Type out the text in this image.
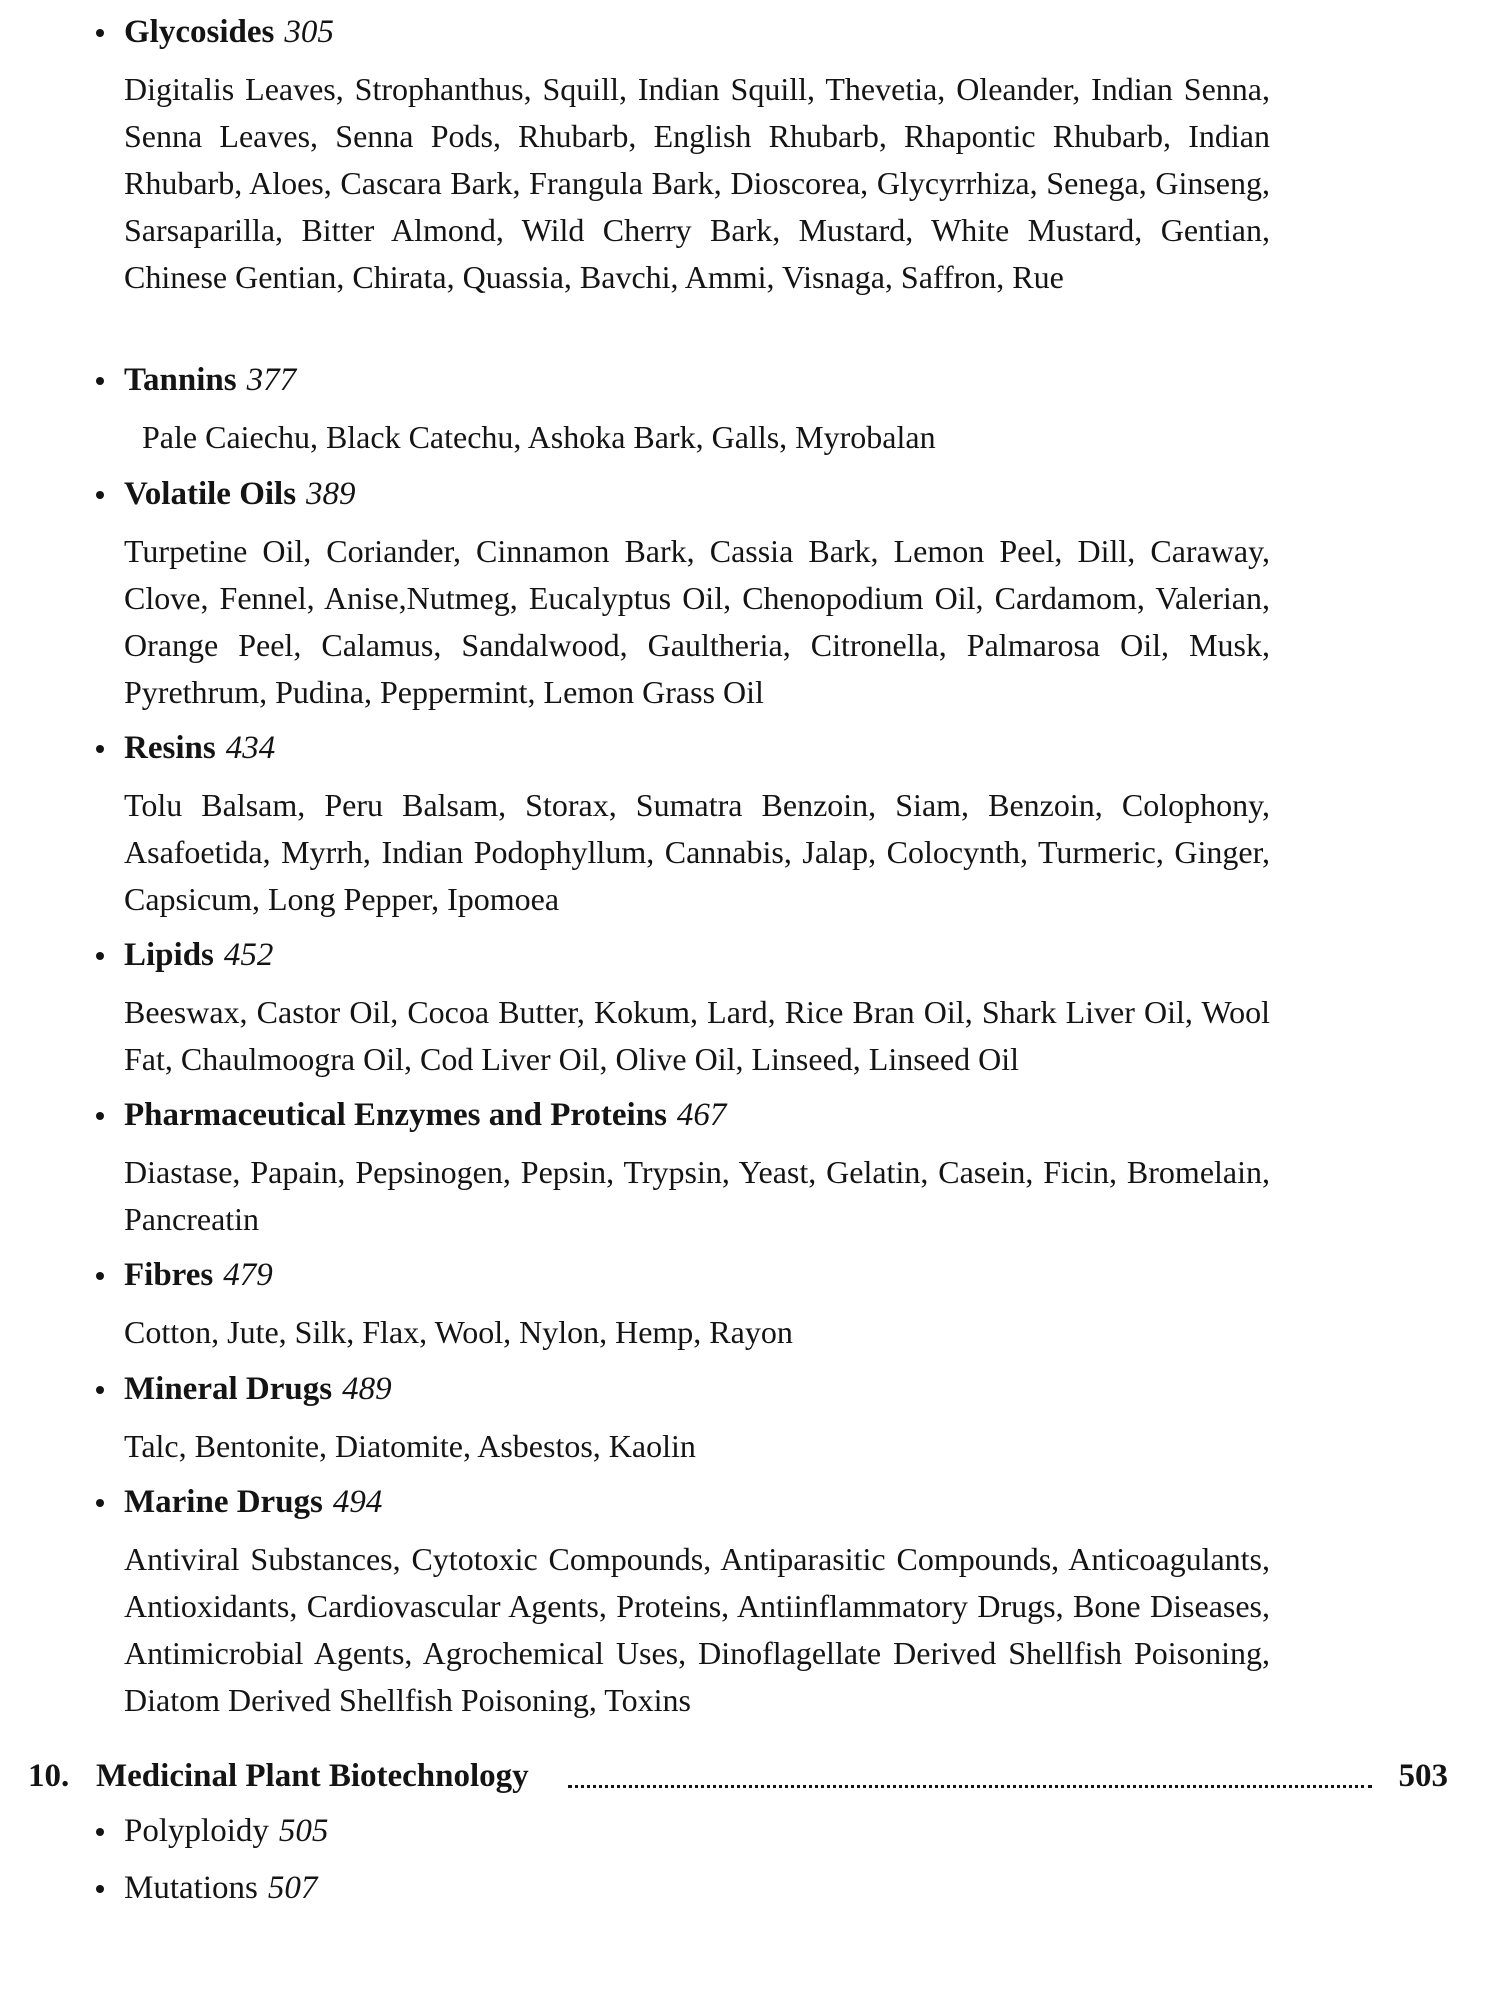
Glycosides 305
Digitalis Leaves, Strophanthus, Squill, Indian Squill, Thevetia, Oleander, Indian Senna, Senna Leaves, Senna Pods, Rhubarb, English Rhubarb, Rhapontic Rhubarb, Indian Rhubarb, Aloes, Cascara Bark, Frangula Bark, Dioscorea, Glycyrrhiza, Senega, Ginseng, Sarsaparilla, Bitter Almond, Wild Cherry Bark, Mustard, White Mustard, Gentian, Chinese Gentian, Chirata, Quassia, Bavchi, Ammi, Visnaga, Saffron, Rue
Tannins 377
Pale Caiechu, Black Catechu, Ashoka Bark, Galls, Myrobalan
Volatile Oils 389
Turpetine Oil, Coriander, Cinnamon Bark, Cassia Bark, Lemon Peel, Dill, Caraway, Clove, Fennel, Anise,Nutmeg, Eucalyptus Oil, Chenopodium Oil, Cardamom, Valerian, Orange Peel, Calamus, Sandalwood, Gaultheria, Citronella, Palmarosa Oil, Musk, Pyrethrum, Pudina, Peppermint, Lemon Grass Oil
Resins 434
Tolu Balsam, Peru Balsam, Storax, Sumatra Benzoin, Siam, Benzoin, Colophony, Asafoetida, Myrrh, Indian Podophyllum, Cannabis, Jalap, Colocynth, Turmeric, Ginger, Capsicum, Long Pepper, Ipomoea
Lipids 452
Beeswax, Castor Oil, Cocoa Butter, Kokum, Lard, Rice Bran Oil, Shark Liver Oil, Wool Fat, Chaulmoogra Oil, Cod Liver Oil, Olive Oil, Linseed, Linseed Oil
Pharmaceutical Enzymes and Proteins 467
Diastase, Papain, Pepsinogen, Pepsin, Trypsin, Yeast, Gelatin, Casein, Ficin, Bromelain, Pancreatin
Fibres 479
Cotton, Jute, Silk, Flax, Wool, Nylon, Hemp, Rayon
Mineral Drugs 489
Talc, Bentonite, Diatomite, Asbestos, Kaolin
Marine Drugs 494
Antiviral Substances, Cytotoxic Compounds, Antiparasitic Compounds, Anticoagulants, Antioxidants, Cardiovascular Agents, Proteins, Antiinflammatory Drugs, Bone Diseases, Antimicrobial Agents, Agrochemical Uses, Dinoflagellate Derived Shellfish Poisoning, Diatom Derived Shellfish Poisoning, Toxins
10. Medicinal Plant Biotechnology	503
Polyploidy 505
Mutations 507
